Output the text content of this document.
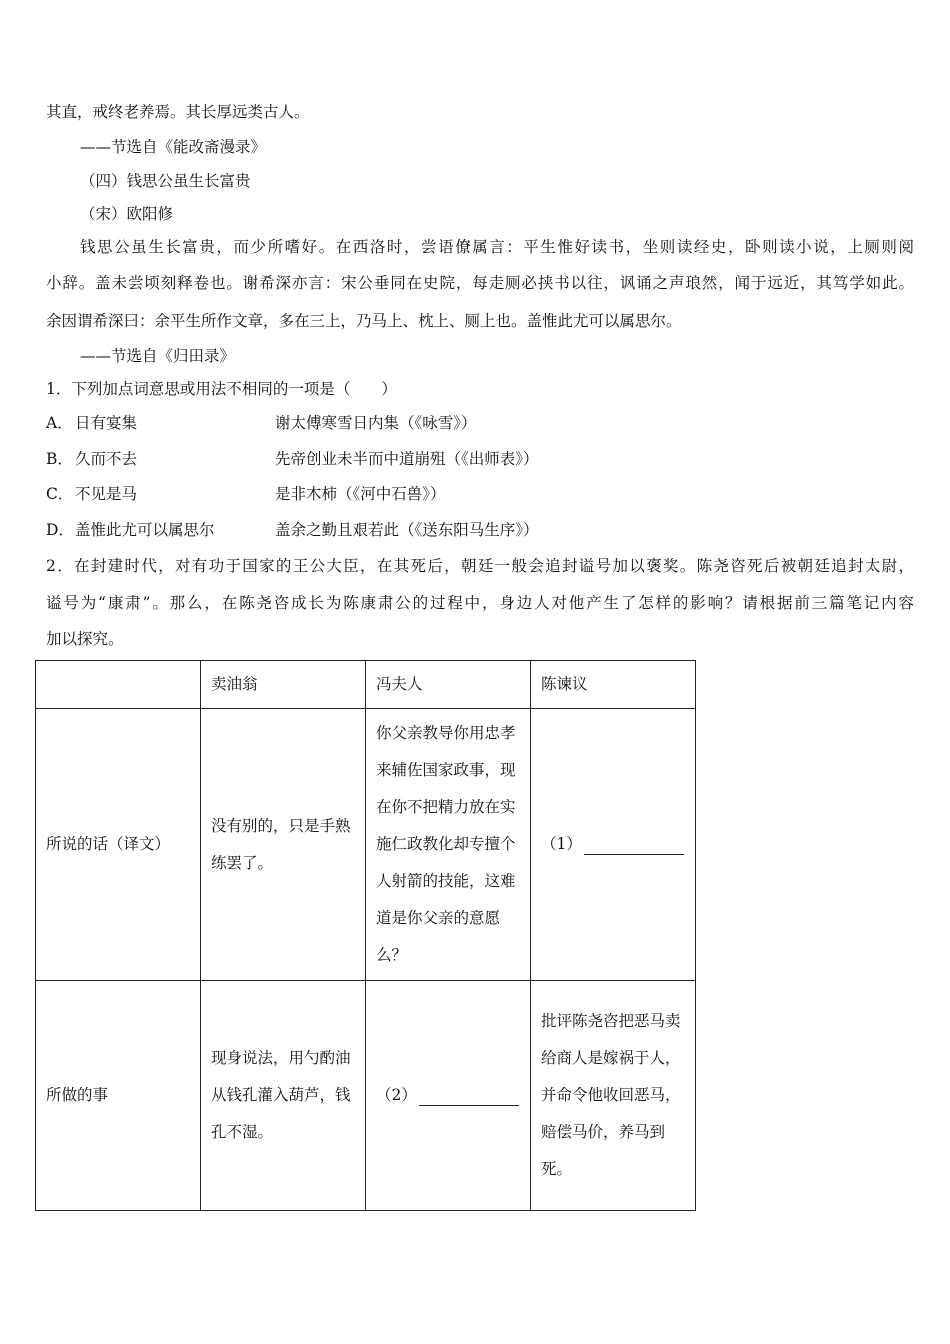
其直，戒终老养焉。其长厚远类古人。
——节选自《能改斋漫录》
（四）钱思公虽生长富贵
（宋）欧阳修
钱思公虽生长富贵，而少所嗜好。在西洛时，尝语僚属言：平生惟好读书，坐则读经史，卧则读小说，上厕则阅
小辞。盖未尝顷刻释卷也。谢希深亦言：宋公垂同在史院，每走厕必挟书以往，讽诵之声琅然，闻于远近，其笃学如此。
余因谓希深曰：余平生所作文章，多在三上，乃马上、枕上、厕上也。盖惟此尤可以属思尔。
——节选自《归田录》
1．下列加点词意思或用法不相同的一项是（　　）
A． 日有宴集	谢太傅寒雪日内集（《咏雪》）
B． 久而不去	先帝创业未半而中道崩殂（《出师表》）
C． 不见是马	是非木柿（《河中石兽》）
D． 盖惟此尤可以属思尔	盖余之勤且艰若此（《送东阳马生序》）
2．在封建时代，对有功于国家的王公大臣，在其死后，朝廷一般会追封谥号加以褒奖。陈尧咨死后被朝廷追封太尉，
谥号为“康肃”。那么，在陈尧咨成长为陈康肃公的过程中，身边人对他产生了怎样的影响？请根据前三篇笔记内容
加以探究。
	卖油翁	冯夫人	陈谏议
所说的话（译文）	没有别的，只是手熟练罢了。	你父亲教导你用忠孝来辅佐国家政事，现在你不把精力放在实施仁政教化却专擅个人射箭的技能，这难道是你父亲的意愿么？	（1）
所做的事	现身说法，用勺酌油从钱孔灌入葫芦，钱孔不湿。	（2）	批评陈尧咨把恶马卖给商人是嫁祸于人，并命令他收回恶马，赔偿马价，养马到死。
